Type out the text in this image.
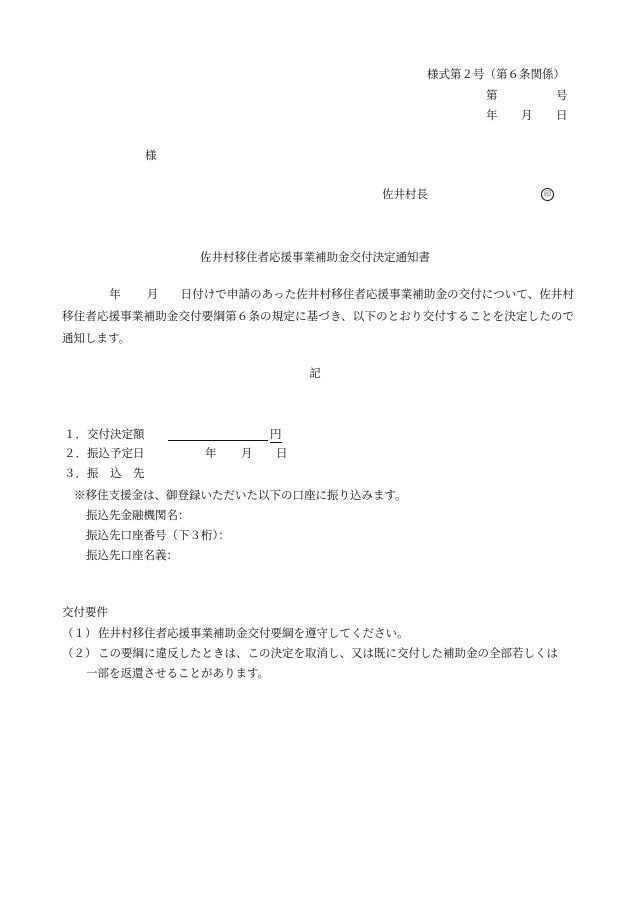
様式第２号（第６条関係）
第	号
年 月 日
様
佐井村長	印
佐井村移住者応援事業補助金交付決定通知書
年 月 日付けで申請のあった佐井村移住者応援事業補助金の交付について、佐井村移住者応援事業補助金交付要綱第６条の規定に基づき、以下のとおり交付することを決定したので通知します。
記
１．交付決定額	円
２．振込予定日	年 月 日
３．振　込　先
※移住支援金は、御登録いただいた以下の口座に振り込みます。
振込先金融機関名：
振込先口座番号（下３桁）：
振込先口座名義：
交付要件
（１） 佐井村移住者応援事業補助金交付要綱を遵守してください。
（２） この要綱に違反したときは、この決定を取消し、又は既に交付した補助金の全部若しくは
一部を返還させることがあります。
